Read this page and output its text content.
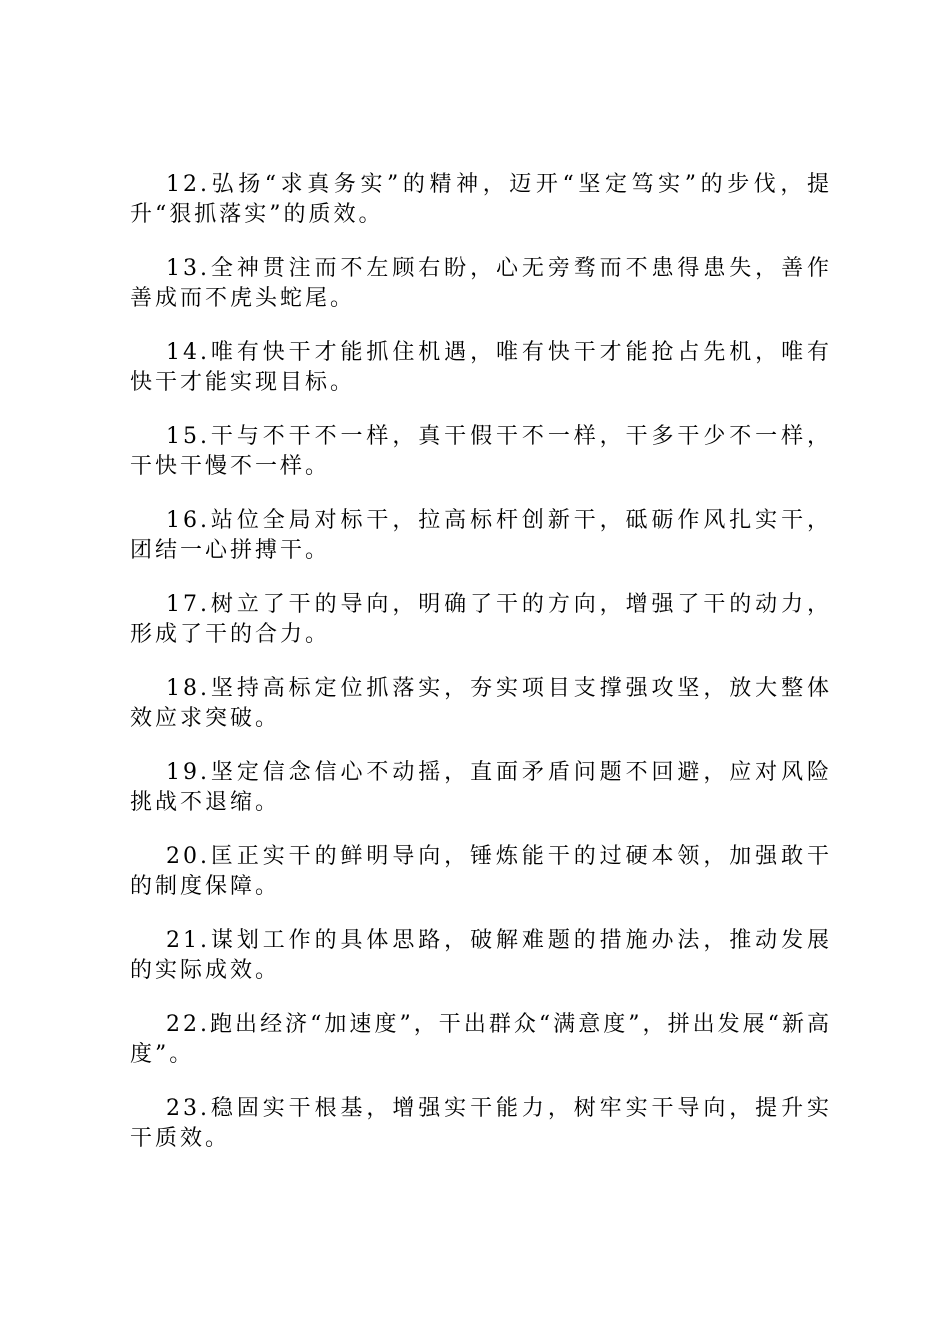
12.弘扬“求真务实”的精神，迈开“坚定笃实”的步伐，提升“狠抓落实”的质效。

13.全神贯注而不左顾右盼，心无旁骛而不患得患失，善作善成而不虎头蛇尾。

14.唯有快干才能抓住机遇，唯有快干才能抢占先机，唯有快干才能实现目标。

15.干与不干不一样，真干假干不一样，干多干少不一样，干快干慢不一样。

16.站位全局对标干，拉高标杆创新干，砥砺作风扎实干，团结一心拼搏干。

17.树立了干的导向，明确了干的方向，增强了干的动力，形成了干的合力。

18.坚持高标定位抓落实，夯实项目支撑强攻坚，放大整体效应求突破。

19.坚定信念信心不动摇，直面矛盾问题不回避，应对风险挑战不退缩。

20.匡正实干的鲜明导向，锤炼能干的过硬本领，加强敢干的制度保障。

21.谋划工作的具体思路，破解难题的措施办法，推动发展的实际成效。

22.跑出经济“加速度”，干出群众“满意度”，拼出发展“新高度”。

23.稳固实干根基，增强实干能力，树牢实干导向，提升实干质效。
